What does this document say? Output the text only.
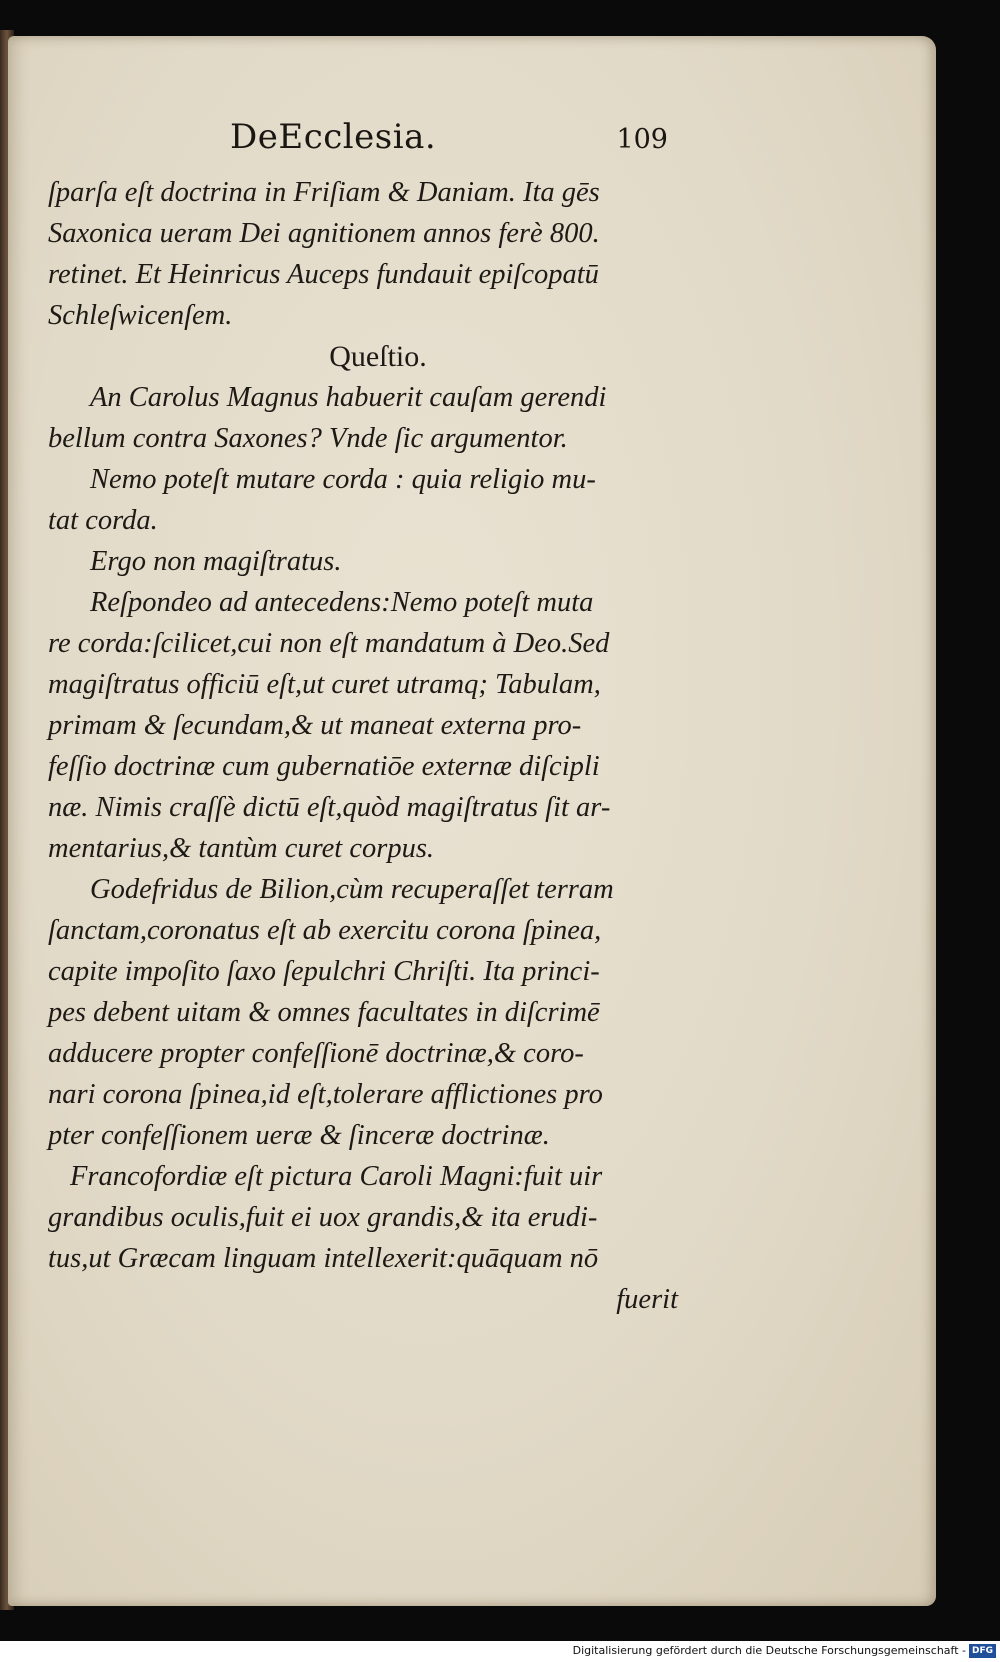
DeEcclesia.	109
ſparſa eſt doctrina in Friſiam & Daniam. Ita gēs
Saxonica ueram Dei agnitionem annos ferè 800.
retinet. Et Heinricus Auceps fundauit epiſcopatū
Schleſwicenſem.
Queſtio.
An Carolus Magnus habuerit cauſam gerendi
bellum contra Saxones? Vnde ſic argumentor.
Nemo poteſt mutare corda : quia religio mu-
tat corda.
Ergo non magiſtratus.
Reſpondeo ad antecedens:Nemo poteſt muta
re corda:ſcilicet,cui non eſt mandatum à Deo.Sed
magiſtratus officiū eſt,ut curet utramq; Tabulam,
primam & ſecundam,& ut maneat externa pro-
feſſio doctrinæ cum gubernatiōe externæ diſcipli
næ. Nimis craſſè dictū eſt,quòd magiſtratus ſit ar-
mentarius,& tantùm curet corpus.
Godefridus de Bilion,cùm recuperaſſet terram
ſanctam,coronatus eſt ab exercitu corona ſpinea,
capite impoſito ſaxo ſepulchri Chriſti. Ita princi-
pes debent uitam & omnes facultates in diſcrimē
adducere propter confeſſionē doctrinæ,& coro-
nari corona ſpinea,id eſt,tolerare afflictiones pro
pter confeſſionem ueræ & ſinceræ doctrinæ.
Francofordiæ eſt pictura Caroli Magni:fuit uir
grandibus oculis,fuit ei uox grandis,& ita erudi-
tus,ut Græcam linguam intellexerit:quāquam nō
fuerit
Digitalisierung gefördert durch die Deutsche Forschungsgemeinschaft - DFG
